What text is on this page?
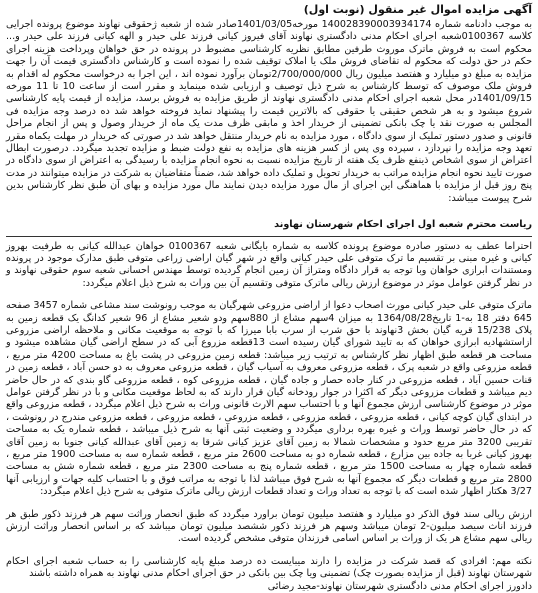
آگهی مزایده اموال غیر منقول (نوبت اول)

به موجب دادنامه شماره 140028390003934174 مورخه1401/03/05صادر شده از شعبه ژ‌حقوقی نهاوند موضوع پرونده اجرایی کلاسه 0100367شعبه اجرای احکام مدنی دادگستری نهاوند آقای فیروز کیانی فرزند علی حیدر و الهه کیانی فرزند علی حیدر و... محکوم است به فروش ماترک موروث طرفین مطابق نظریه کارشناسی مضبوط در پرونده در حق خواهان وپرداخت هزینه اجرای حکم در حق دولت که محکوم له تقاضای فروش ملک یا املاک توقیف شده را نموده است و کارشناس دادگستری قیمت آن را جهت مزایده به مبلغ دو میلیارد و هفتصد میلیون ریال 2/700/000/000تومان برآورد نموده اند ، این اجرا به درخواست محکوم له اقدام به فروش ملک موصوف که توسط کارشناس به شرح ذیل توصیف و ارزیابی شده مینماید و مقرر است از ساعت 10 تا 11 مورخه 1401/09/15در محل شعبه اجرای احکام مدنی دادگستری نهاوند از طریق مزایده به فروش برسد، مزایده از قیمت پایه کارشناسی شروع میشود و به هر شخص حقیقی یا حقوقی که بالاترین قیمت را پیشنهاد نماید فروخته خواهد شد ده درصد وجه مزایده فی المجلس به صورت نقد یا چک بانکی تضمینی از خریدار اخذ و مابقی ظرف مدت یک ماه از خریدار وصول و پس از انجام مراحل قانونی و صدور دستور تملیک از سوی دادگاه ، مورد مزایده به نام خریدار منتقل خواهد شد در صورتی که خریدار در مهلت یکماه مقرر تعهد وجه مزایده را نپردازد ، سپرده وی پس از کسر هزینه های مزایده به نفع دولت ضبط و مزایده تجدید میگردد. درصورت ابطال اعتراض از سوی اشخاص ذینفع ظرف یک هفته از تاریخ مزایده نسبت به نحوه انجام مزایده با رسیدگی به اعتراض از سوی دادگاه در صورت تایید نحوه انجام مزایده مراتب به خریدار تحویل و تملیک داده خواهد شد، ضمناً متقاضیان به شرکت در مزایده میتوانند در مدت پنج روز قبل از مزایده با هماهنگی این اجرای از مال مورد مزایده دیدن نمایند مال مورد مزایده و بهای آن طبق نظر کارشناس بدین شرح پیوست میباشد:

ریاست محترم شعبه اول اجرای احکام شهرستان نهاوند

احتراما عطف به دستور صادره موضوع پرونده کلاسه به شماره بایگانی شعبه 0100367 خواهان عبدالله کیانی به طرفیت بهروز کیانی و غیره مبنی بر تقسیم ما ترک متوفی علی حیدر کیانی واقع در شهر گیان اراضی زراعی متوفی طبق مدارک موجود در پرونده ومستندات ابرازی خواهان وبا توجه به قرار دادگاه ومتراژ آن زمین انجام گردیده توسط مهندس احسانی شعبه سوم حقوقی نهاوند و در نظر گرفتن عوامل موثر در موضوع ارزش ریالی ماترک متوفی وتقسیم آن بین وراث به شرح ذیل اعلام میگردد:

ماترک متوفی علی حیدر کیانی مورث اصحاب دعوا از اراضی مزروعی شهرگیان به موجب رونوشت سند مشاعی شماره 3457 صفحه 645 دفتر 18 به-1 تاریخ1364/08/28 به میزان 4سهم مشاع از 880سهم ودو شعیر مشاع از 96 شعیر کدانگ یک قطعه زمین به پلاک 15/238 قریه گیان بخش 3نهاوند با حق شرب از سرب بابا میرزا که با توجه به موقعیت مکانی و ملاحظه اراضی مزروعی ازاستشهادیه ابرازی خواهان که به تایید شورای گیان رسیده است 13قطعه مزروع آبی که در سطح اراضی گیان مشاهده میشود و مساحت هر قطعه طبق اظهار نظر کارشناس به ترتیب زیر میباشد: قطعه زمین مزروعی در پشت باغ به مساحت 4200 متر مربع ، قطعه مزروعی واقع در شعبه پرک ، قطعه مزروعی معروف به آسیاب گیان ، قطعه مزروعی معروف به دو حسن آباد ، قطعه زمین در قنات حسین آباد ، قطعه مزروعی در کنار جاده حصار و جاده گیان ، قطعه مزروعی کوه ، قطعه مزروعی گاو بندی که در حال حاضر دیم میباشد و قطعات مزروعی دیگر که اکثرا در جوار رودخانه گیان قرار دارند که به لحاظ موقعیت مکانی و با در نظر گرفتن عوامل موثر در موضوع کارشناسی ارزش مجموع آنها و با احتساب سهم الارث قانونی وراث به شرح ذیل اعلام میگردد ، قطعه مزروعی واقع در ابتدای گیان کوچه کیانی ، قطعه مزروعی ، قطعه مزروعی ، قطعه مزروعی ، قطعه مزروعی ، قطعه مزروعی مندرج در رونوشت ، که در حال حاضر توسط وراث و غیره بهره برداری میگردد و وضعیت ثبتی آنها به شرح ذیل میباشد ، قطعه شماره یک به مساحت تقریبی 3200 متر مربع حدود و مشخصات شمالا به زمین آقای عزیز کیانی شرقا به زمین آقای عبدالله کیانی جنوبا به زمین آقای بهروز کیانی غربا به جاده بین مزارع ، قطعه شماره دو به مساحت 2600 متر مربع ، قطعه شماره سه به مساحت 1900 متر مربع ، قطعه شماره چهار به مساحت 1500 متر مربع ، قطعه شماره پنج به مساحت 2300 متر مربع ، قطعه شماره شش به مساحت 2800 متر مربع و قطعات دیگر که مجموع آنها به شرح فوق میباشد لذا با توجه به مراتب فوق و با احتساب کلیه جهات و ارزیابی آنها 3/27 هکتار اظهار شده است که با توجه به تعداد وراث و تعداد قطعات ارزش ریالی ماترک متوفی به شرح ذیل اعلام میگردد:

ارزش ریالی سند فوق الذکر دو میلیارد و هفتصد میلیون تومان براورد میگردد که طبق انحصار وراثت سهم هر فرزند ذکور طبق هر فرزند اناث سیصد میلیون-2 تومان میباشد وسهم هر فرزند ذکور ششصد میلیون تومان میباشد که بر اساس انحصار وراثت ارزش ریالی سهم مشاع هر یک از وراث بر اساس اسامی فرزندان متوفی مشخص گردیده است.

نکته مهم: افرادی که قصد شرکت در مزایده را دارند میبایست ده درصد مبلغ پایه کارشناسی را به حساب شعبه اجرای احکام شهرستان نهاوند (قبل از مزایده بصورت چک) تضمینی ویا چک بین بانکی در حق اجرای احکام مدنی نهاوند به همراه داشته باشند

دادورز اجرای احکام مدنی دادگستری شهرستان نهاوند-مجید رضائی
